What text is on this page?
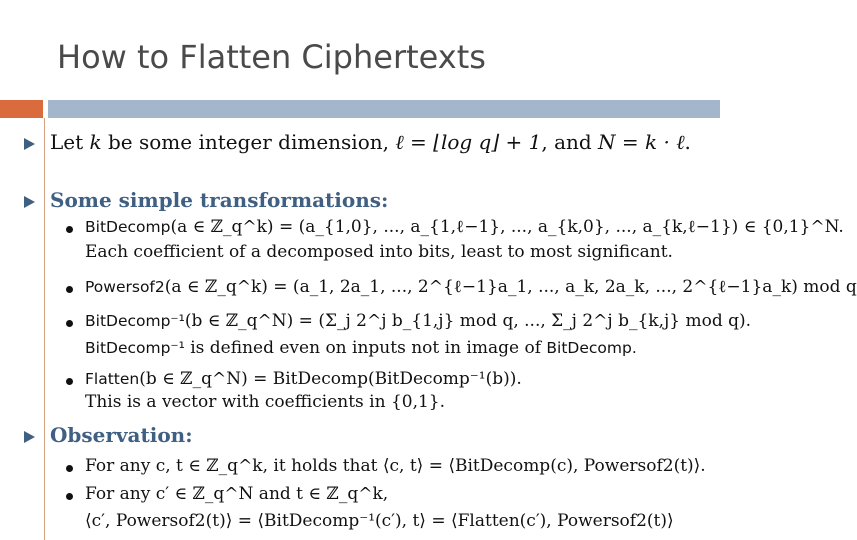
How to Flatten Ciphertexts
Let k be some integer dimension, ℓ = ⌊log q⌋ + 1, and N = k · ℓ.
Some simple transformations:
BitDecomp(a ∈ ℤ_q^k) = (a_{1,0}, ..., a_{1,ℓ−1}, ..., a_{k,0}, ..., a_{k,ℓ−1}) ∈ {0,1}^N.
Each coefficient of a decomposed into bits, least to most significant.
Powersof2(a ∈ ℤ_q^k) = (a_1, 2a_1, ..., 2^{ℓ−1}a_1, ..., a_k, 2a_k, ..., 2^{ℓ−1}a_k) mod q
BitDecomp⁻¹(b ∈ ℤ_q^N) = (Σ_j 2^j b_{1,j} mod q, ..., Σ_j 2^j b_{k,j} mod q).
BitDecomp⁻¹ is defined even on inputs not in image of BitDecomp.
Flatten(b ∈ ℤ_q^N) = BitDecomp(BitDecomp⁻¹(b)).
This is a vector with coefficients in {0,1}.
Observation:
For any c, t ∈ ℤ_q^k, it holds that ⟨c, t⟩ = ⟨BitDecomp(c), Powersof2(t)⟩.
For any c′ ∈ ℤ_q^N and t ∈ ℤ_q^k,
⟨c′, Powersof2(t)⟩ = ⟨BitDecomp⁻¹(c′), t⟩ = ⟨Flatten(c′), Powersof2(t)⟩
